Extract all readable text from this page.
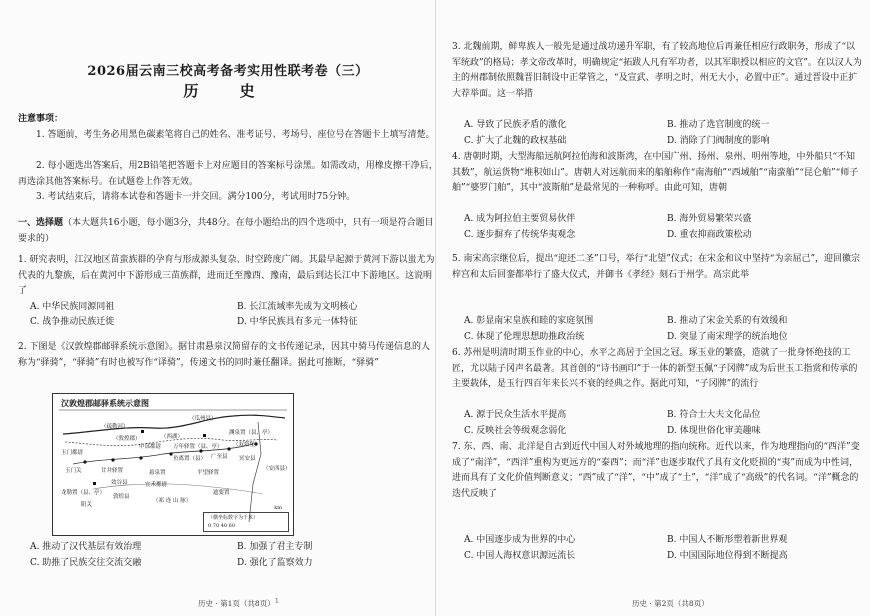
2026届云南三校高考备考实用性联考卷（三）
历 史
注意事项：
1. 答题前，考生务必用黑色碳素笔将自己的姓名、准考证号、考场号、座位号在答题卡上填写清楚。
2. 每小题选出答案后，用2B铅笔把答题卡上对应题目的答案标号涂黑。如需改动，用橡皮擦干净后，再选涂其他答案标号。在试题卷上作答无效。
3. 考试结束后，请将本试卷和答题卡一并交回。满分100分，考试用时75分钟。
一、选择题（本大题共16小题，每小题3分，共48分。在每小题给出的四个选项中，只有一项是符合题目要求的）
1. 研究表明，江汉地区苗蛮族群的孕育与形成源头复杂、时空跨度广阔。其最早起源于黄河下游以蚩尤为代表的九黎族，后在黄河中下游形成三苗族群，进而迁至豫西、豫南，最后到达长江中下游地区。这说明了
A. 中华民族同源同祖	B. 长江流域率先成为文明核心
C. 战争推动民族迁徙	D. 中华民族具有多元一体特征
2. 下图是《汉敦煌郡邮驿系统示意图》。据甘肃悬泉汉简留存的文书传递记录，因其中骑马传递信息的人称为“驿骑”，“驿骑”有时也被写作“译骑”，传递文书的同时兼任翻译。据此可推断，“驿骑”
A. 推动了汉代基层有效治理	B. 加强了君主专制
C. 助推了民族交往交流交融	D. 强化了监察效力
汉敦煌郡邮驿系统示意图
（疏勒河）
（瓜州县）
（敦煌郡）	（西湖）
渊泉置（县、亭）
（双塔堡）
玉门都尉
中部都尉 万年驿置（县、亭）
鱼离置（县） 广至县 冥安县
玉门关	甘井驿置	悬泉置	平望驿置
效谷县	宜禾都尉
龙勒置（县、亭）
阳关
敦煌县
（祁 连 山 脉）
遮要置
（安西县）
（横坐标数字为千米）
0 70 40 60
km
3. 北魏前期，鲜卑族人一般先是通过战功递升军职，有了较高地位后再兼任相应行政职务，形成了“以军统政”的格局；孝文帝改革时，明确规定“拓跋人凡有军功者，以其军职授以相应的文官”。在以汉人为主的州郡制依照魏晋旧制设中正掌管之，“及宣武、孝明之时，州无大小，必置中正”。通过晋设中正扩大荐举面。这一举措
A. 导致了民族矛盾的激化	B. 推动了选官制度的统一
C. 扩大了北魏的政权基础	D. 消除了门阀制度的影响
4. 唐朝时期，大型海船远航阿拉伯海和波斯湾，在中国广州、扬州、泉州、明州等地，中外船只“不知其数”，航运货物“堆积如山”。唐朝人对远航而来的船舶称作“南海舶”“西域舶”“南蛮舶”“昆仑舶”“师子舶”“婆罗门舶”，其中“波斯舶”是最常见的一种称呼。由此可知，唐朝
A. 成为阿拉伯主要贸易伙伴	B. 海外贸易繁荣兴盛
C. 逐步摒弃了传统华夷观念	D. 重农抑商政策松动
5. 南宋高宗继位后，提出“迎还二圣”口号，举行“北望”仪式；在宋金和议中坚持“为亲屈己”，迎回徽宗梓宫和太后回銮都举行了盛大仪式，并御书《孝经》刻石于州学。高宗此举
A. 彰显南宋皇族和睦的家庭氛围	B. 推动了宋金关系的有效缓和
C. 体现了伦理思想助推政治统	D. 突显了南宋理学的统治地位
6. 苏州是明清时期玉作业的中心，水平之高居于全国之冠。琢玉业的繁盛，造就了一批身怀绝技的工匠，尤以陆子冈声名最著。其首创的“诗书画印”于一体的新型玉佩“子冈牌”成为后世玉工指赏和传承的主要载体，是玉行四百年来长兴不衰的经典之作。据此可知，“子冈牌”的流行
A. 源于民众生活水平提高	B. 符合士大夫文化品位
C. 反映社会等级观念弱化	D. 体现世俗化审美趣味
7. 东、西、南、北洋是自古到近代中国人对外域地理的指向统称。近代以来，作为地理指向的“西洋”变成了“南洋”，“西洋”重构为更远方的“泰西”；而“洋”也逐步取代了具有文化贬损的“夷”而成为中性词，进而具有了文化价值判断意义；“西”成了“洋”，“中”成了“土”，“洋”成了“高级”的代名词。“洋”概念的迭代反映了
A. 中国逐步成为世界的中心	B. 中国人不断形塑着新世界观
C. 中国人海权意识源远流长	D. 中国国际地位得到不断提高
历史 · 第1页（共8页） 1	历史 · 第2页（共8页）
